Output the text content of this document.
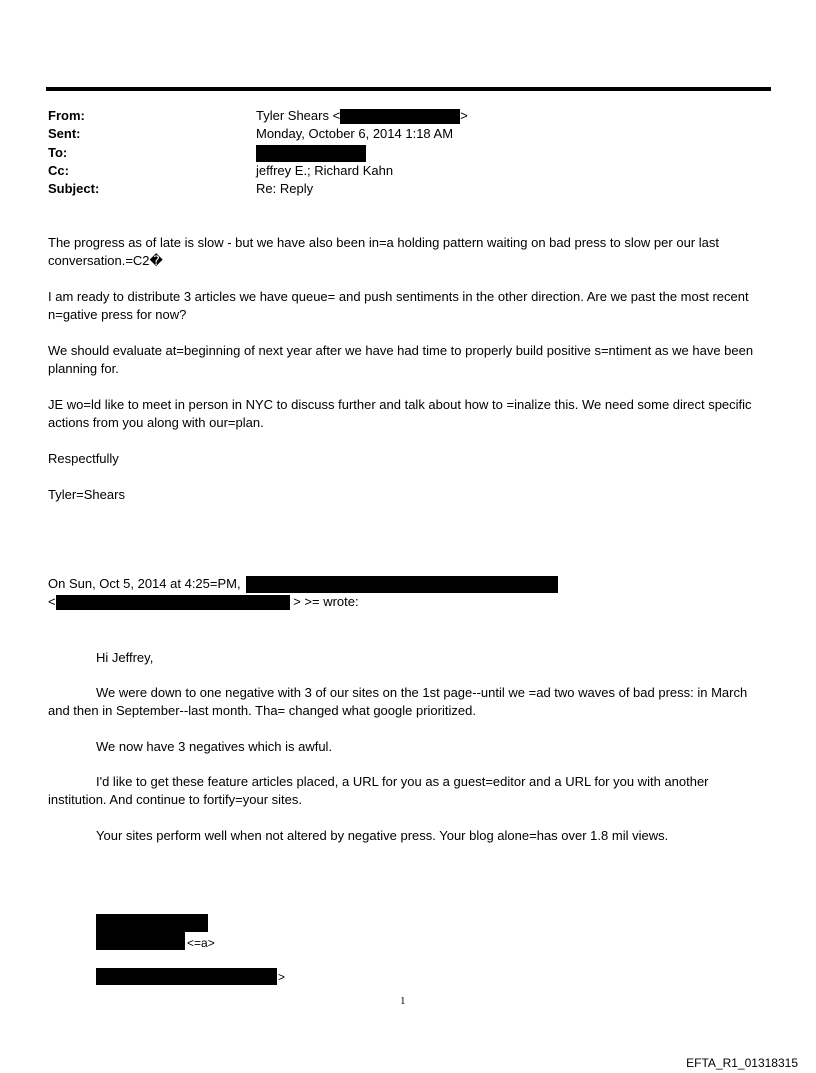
From:	Tyler Shears <	>
Sent:	Monday, October 6, 2014 1:18 AM
To:
Cc:	jeffrey E.; Richard Kahn
Subject:	Re: Reply

The progress as of late is slow - but we have also been in=a holding pattern waiting on bad press to slow per our last conversation.=C2�

I am ready to distribute 3 articles we have queue= and push sentiments in the other direction. Are we past the most recent n=gative press for now?

We should evaluate at=beginning of next year after we have had time to properly build positive s=ntiment as we have been planning for.

JE wo=ld like to meet in person in NYC to discuss further and talk about how to =inalize this. We need some direct specific actions from you along with our=plan.

Respectfully

Tyler=Shears

On Sun, Oct 5, 2014 at 4:25=PM,
<	> >= wrote:

Hi Jeffrey,

We were down to one negative with 3 of our sites on the 1st page--until we =ad two waves of bad press: in March and then in September--last month. Tha= changed what google prioritized.

We now have 3 negatives which is awful.

I'd like to get these feature articles placed, a URL for you as a guest=editor and a URL for you with another institution. And continue to fortify=your sites.

Your sites perform well when not altered by negative press. Your blog alone=has over 1.8 mil views.

<=a>
>
1
EFTA_R1_01318315
